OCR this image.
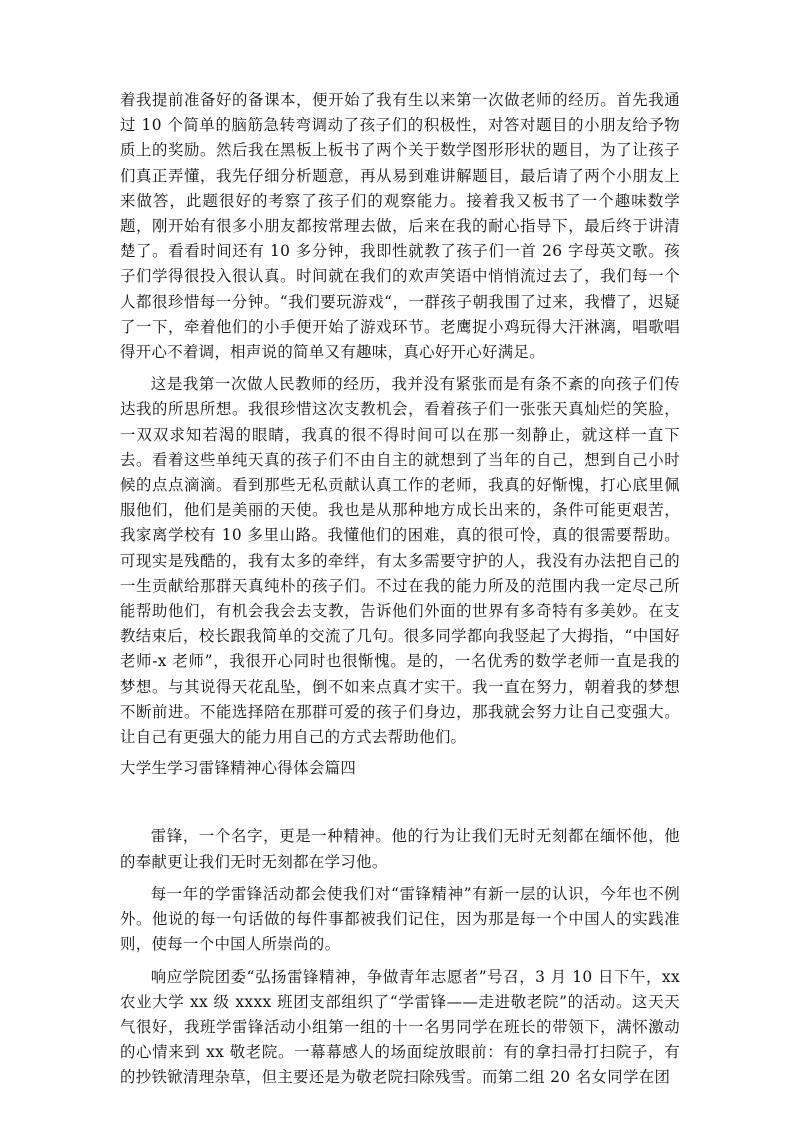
着我提前准备好的备课本，便开始了我有生以来第一次做老师的经历。首先我通过 10 个简单的脑筋急转弯调动了孩子们的积极性，对答对题目的小朋友给予物质上的奖励。然后我在黑板上板书了两个关于数学图形形状的题目，为了让孩子们真正弄懂，我先仔细分析题意，再从易到难讲解题目，最后请了两个小朋友上来做答，此题很好的考察了孩子们的观察能力。接着我又板书了一个趣味数学题，刚开始有很多小朋友都按常理去做，后来在我的耐心指导下，最后终于讲清楚了。看看时间还有 10 多分钟，我即性就教了孩子们一首 26 字母英文歌。孩子们学得很投入很认真。时间就在我们的欢声笑语中悄悄流过去了，我们每一个人都很珍惜每一分钟。“我们要玩游戏“，一群孩子朝我围了过来，我懵了，迟疑了一下，牵着他们的小手便开始了游戏环节。老鹰捉小鸡玩得大汗淋漓，唱歌唱得开心不着调，相声说的简单又有趣味，真心好开心好满足。

这是我第一次做人民教师的经历，我并没有紧张而是有条不紊的向孩子们传达我的所思所想。我很珍惜这次支教机会，看着孩子们一张张天真灿烂的笑脸，一双双求知若渴的眼睛，我真的很不得时间可以在那一刻静止，就这样一直下去。看着这些单纯天真的孩子们不由自主的就想到了当年的自己，想到自己小时候的点点滴滴。看到那些无私贡献认真工作的老师，我真的好惭愧，打心底里佩服他们，他们是美丽的天使。我也是从那种地方成长出来的，条件可能更艰苦，我家离学校有 10 多里山路。我懂他们的困难，真的很可怜，真的很需要帮助。可现实是残酷的，我有太多的牵绊，有太多需要守护的人，我没有办法把自己的一生贡献给那群天真纯朴的孩子们。不过在我的能力所及的范围内我一定尽己所能帮助他们，有机会我会去支教，告诉他们外面的世界有多奇特有多美妙。在支教结束后，校长跟我简单的交流了几句。很多同学都向我竖起了大拇指，“中国好老师-x 老师”，我很开心同时也很惭愧。是的，一名优秀的数学老师一直是我的梦想。与其说得天花乱坠，倒不如来点真才实干。我一直在努力，朝着我的梦想不断前进。不能选择陪在那群可爱的孩子们身边，那我就会努力让自己变强大。让自己有更强大的能力用自己的方式去帮助他们。

大学生学习雷锋精神心得体会篇四

雷锋，一个名字，更是一种精神。他的行为让我们无时无刻都在缅怀他，他的奉献更让我们无时无刻都在学习他。

每一年的学雷锋活动都会使我们对“雷锋精神”有新一层的认识，今年也不例外。他说的每一句话做的每件事都被我们记住，因为那是每一个中国人的实践准则，使每一个中国人所崇尚的。

响应学院团委“弘扬雷锋精神，争做青年志愿者”号召，3 月 10 日下午，xx 农业大学 xx 级 xxxx 班团支部组织了“学雷锋——走进敬老院”的活动。这天天气很好，我班学雷锋活动小组第一组的十一名男同学在班长的带领下，满怀激动的心情来到 xx 敬老院。一幕幕感人的场面绽放眼前：有的拿扫帚打扫院子，有的抄铁锨清理杂草，但主要还是为敬老院扫除残雪。而第二组 20 名女同学在团
